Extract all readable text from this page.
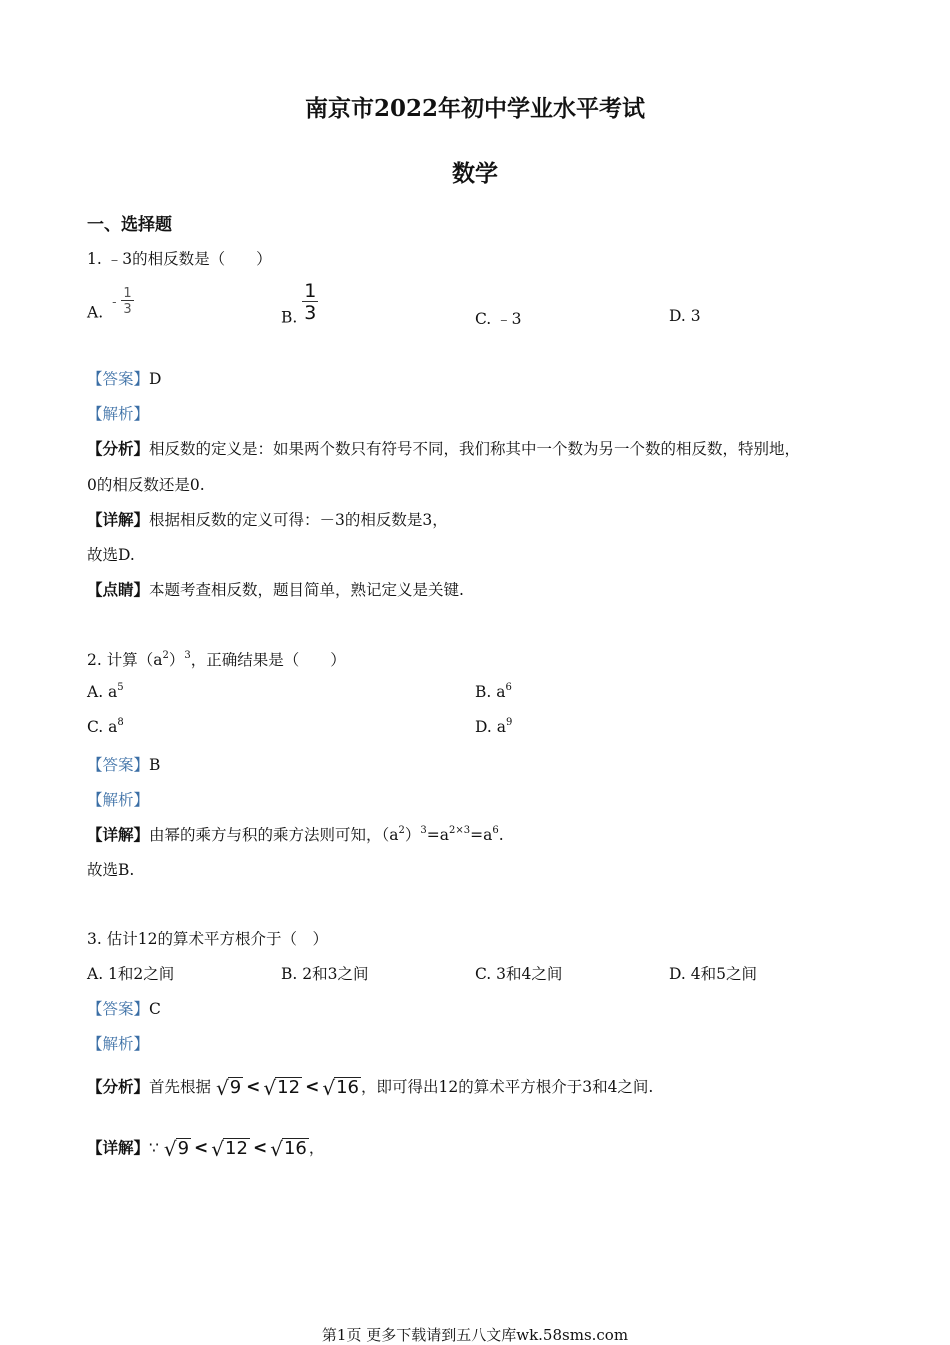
南京市2022年初中学业水平考试
数学
一、选择题
1. ﹣3的相反数是（　　）
A. - $\frac{1}{3}$
B. $\frac{1}{3}$	C. ﹣3	D. 3
【答案】D
【解析】
【分析】相反数的定义是：如果两个数只有符号不同，我们称其中一个数为另一个数的相反数，特别地，
0的相反数还是0.
【详解】根据相反数的定义可得：－3的相反数是3，
故选D.
【点睛】本题考查相反数，题目简单，熟记定义是关键.
2. 计算$(a^2)^3$，正确结果是（　　）
A. $a^5$	B. $a^6$
C. $a^8$	D. $a^9$
【答案】B
【解析】
【详解】由幂的乘方与积的乘方法则可知，$(a^2)^3=a^{2\times 3}=a^6$.
故选B.
3. 估计12的算术平方根介于（　）
A. 1和2之间	B. 2和3之间	C. 3和4之间	D. 4和5之间
【答案】C
【解析】
【分析】首先根据 √ 9 < √ 12 < √ 16 ，即可得出12的算术平方根介于3和4之间.
【详解】∵ √ 9 < √ 12 < √ 16 ，
第1页 更多下载请到五八文库wk.58sms.com
